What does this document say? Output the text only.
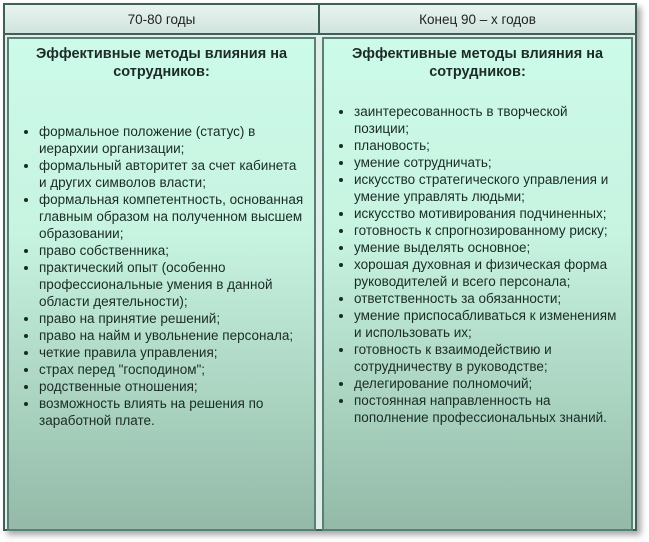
70-80 годы	Конец 90 – х годов
Эффективные методы влияния на сотрудников:
• формальное положение (статус) в иерархии организации;
• формальный авторитет за счет кабинета и других символов власти;
• формальная компетентность, основанная главным образом на полученном высшем образовании;
• право собственника;
• практический опыт (особенно профессиональные умения в данной области деятельности);
• право на принятие решений;
• право на найм и увольнение персонала;
• четкие правила управления;
• страх перед "господином";
• родственные отношения;
• возможность влиять на решения по заработной плате.
Эффективные методы влияния на сотрудников:
• заинтересованность в творческой позиции;
• плановость;
• умение сотрудничать;
• искусство стратегического управления и умение управлять людьми;
• искусство мотивирования подчиненных;
• готовность к спрогнозированному риску;
• умение выделять основное;
• хорошая духовная и физическая форма руководителей и всего персонала;
• ответственность за обязанности;
• умение приспосабливаться к изменениям и использовать их;
• готовность к взаимодействию и сотрудничеству в руководстве;
• делегирование полномочий;
• постоянная направленность на пополнение профессиональных знаний.
